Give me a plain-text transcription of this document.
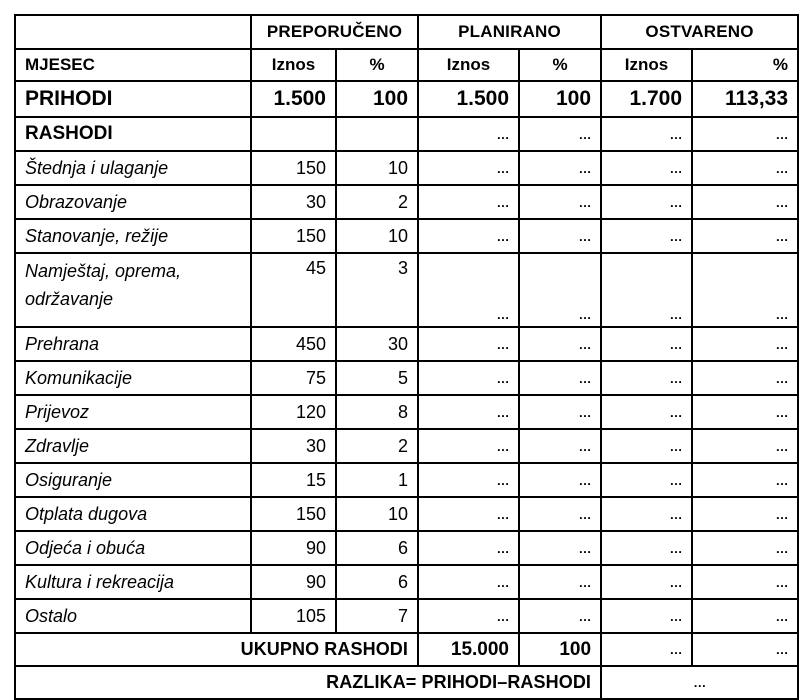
	PREPORUČENO		PLANIRANO		OSTVARENO	
MJESEC	Iznos	%	Iznos	%	Iznos	%
PRIHODI	1.500	100	1.500	100	1.700	113,33
RASHODI			…	…	…	…
Štednja i ulaganje	150	10	…	…	…	…
Obrazovanje	30	2	…	…	…	…
Stanovanje, režije	150	10	…	…	…	…
Namještaj, oprema, održavanje	45	3	…	…	…	…
Prehrana	450	30	…	…	…	…
Komunikacije	75	5	…	…	…	…
Prijevoz	120	8	…	…	…	…
Zdravlje	30	2	…	…	…	…
Osiguranje	15	1	…	…	…	…
Otplata dugova	150	10	…	…	…	…
Odjeća i obuća	90	6	…	…	…	…
Kultura i rekreacija	90	6	…	…	…	…
Ostalo	105	7	…	…	…	…
UKUPNO RASHODI			15.000	100	…	…
RAZLIKA= PRIHODI–RASHODI					…	
